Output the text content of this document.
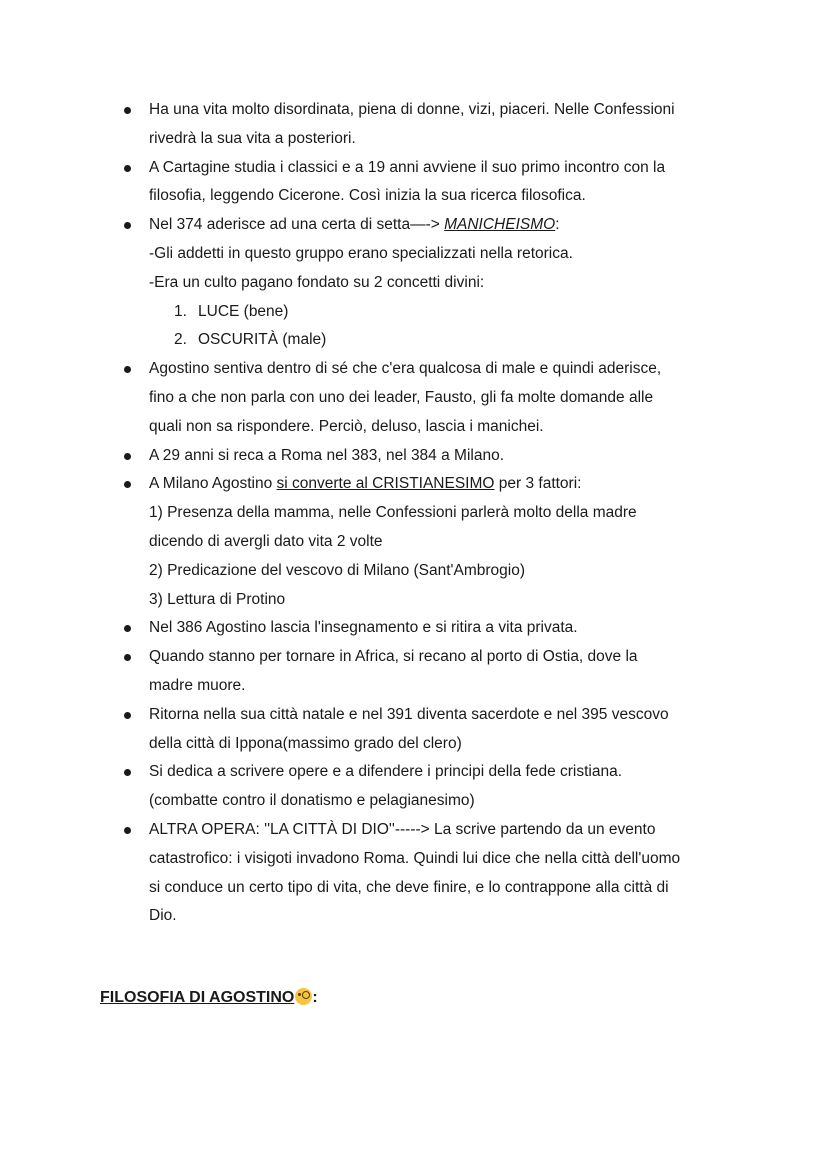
Ha una vita molto disordinata, piena di donne, vizi, piaceri. Nelle Confessioni
rivedrà la sua vita a posteriori.
A Cartagine studia i classici e a 19 anni avviene il suo primo incontro con la
filosofia, leggendo Cicerone. Così inizia la sua ricerca filosofica.
Nel 374 aderisce ad una certa di setta—-> MANICHEISMO:
-Gli addetti in questo gruppo erano specializzati nella retorica.
-Era un culto pagano fondato su 2 concetti divini:
1. LUCE (bene)
2. OSCURITÀ (male)
Agostino sentiva dentro di sé che c'era qualcosa di male e quindi aderisce,
fino a che non parla con uno dei leader, Fausto, gli fa molte domande alle
quali non sa rispondere. Perciò, deluso, lascia i manichei.
A 29 anni si reca a Roma nel 383, nel 384 a Milano.
A Milano Agostino si converte al CRISTIANESIMO per 3 fattori:
1) Presenza della mamma, nelle Confessioni parlerà molto della madre
dicendo di avergli dato vita 2 volte
2) Predicazione del vescovo di Milano (Sant'Ambrogio)
3) Lettura di Protino
Nel 386 Agostino lascia l'insegnamento e si ritira a vita privata.
Quando stanno per tornare in Africa, si recano al porto di Ostia, dove la
madre muore.
Ritorna nella sua città natale e nel 391 diventa sacerdote e nel 395 vescovo
della città di Ippona(massimo grado del clero)
Si dedica a scrivere opere e a difendere i principi della fede cristiana.
(combatte contro il donatismo e pelagianesimo)
ALTRA OPERA: ''LA CITTÀ DI DIO''-----> La scrive partendo da un evento
catastrofico: i visigoti invadono Roma. Quindi lui dice che nella città dell'uomo
si conduce un certo tipo di vita, che deve finire, e lo contrappone alla città di
Dio.
FILOSOFIA DI AGOSTINO :
